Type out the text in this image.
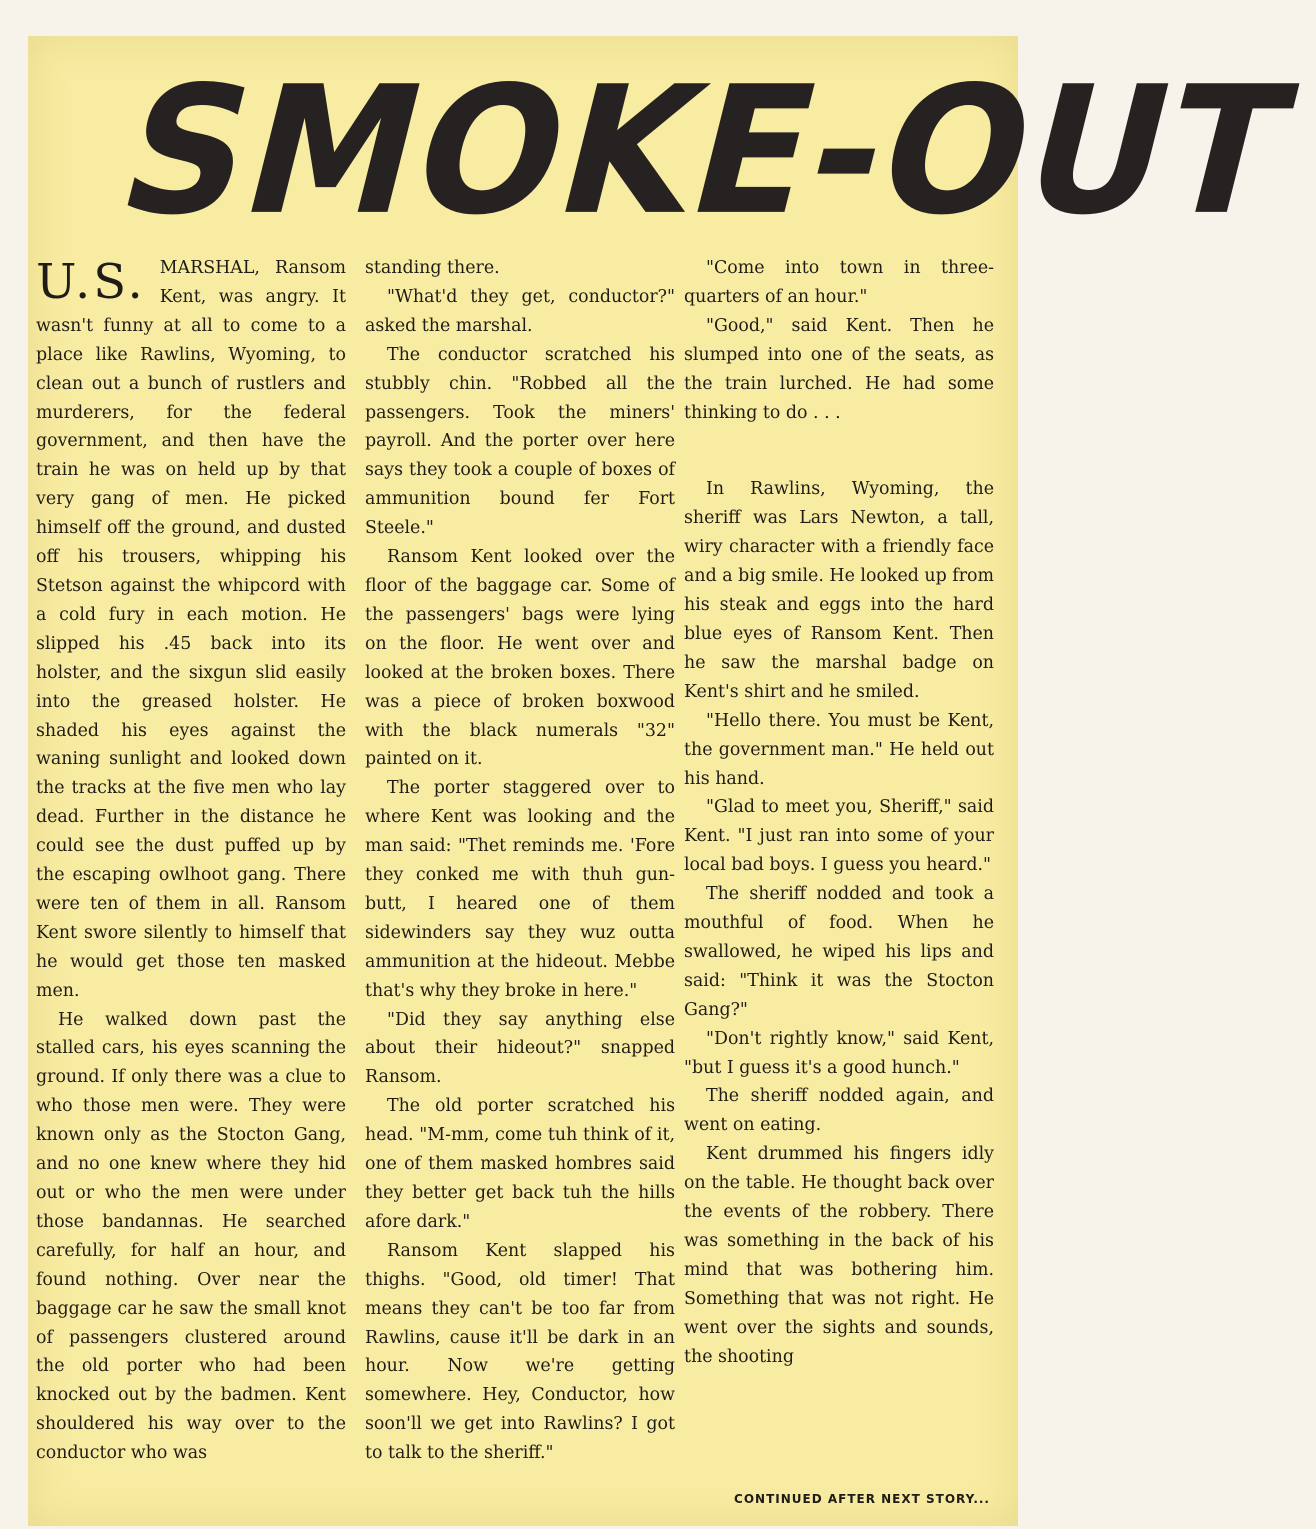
SMOKE-OUT

U.S. MARSHAL, Ransom Kent, was angry. It wasn't funny at all to come to a place like Rawlins, Wyoming, to clean out a bunch of rustlers and murderers, for the federal government, and then have the train he was on held up by that very gang of men. He picked himself off the ground, and dusted off his trousers, whipping his Stetson against the whipcord with a cold fury in each motion. He slipped his .45 back into its holster, and the sixgun slid easily into the greased holster. He shaded his eyes against the waning sunlight and looked down the tracks at the five men who lay dead. Further in the distance he could see the dust puffed up by the escaping owlhoot gang. There were ten of them in all. Ransom Kent swore silently to himself that he would get those ten masked men.

He walked down past the stalled cars, his eyes scanning the ground. If only there was a clue to who those men were. They were known only as the Stocton Gang, and no one knew where they hid out or who the men were under those bandannas. He searched carefully, for half an hour, and found nothing. Over near the baggage car he saw the small knot of passengers clustered around the old porter who had been knocked out by the badmen. Kent shouldered his way over to the conductor who was

standing there.

"What'd they get, conductor?" asked the marshal.

The conductor scratched his stubbly chin. "Robbed all the passengers. Took the miners' payroll. And the porter over here says they took a couple of boxes of ammunition bound fer Fort Steele."

Ransom Kent looked over the floor of the baggage car. Some of the passengers' bags were lying on the floor. He went over and looked at the broken boxes. There was a piece of broken boxwood with the black numerals "32" painted on it.

The porter staggered over to where Kent was looking and the man said: "Thet reminds me. 'Fore they conked me with thuh gun-butt, I heared one of them sidewinders say they wuz outta ammunition at the hideout. Mebbe that's why they broke in here."

"Did they say anything else about their hideout?" snapped Ransom.

The old porter scratched his head. "M-mm, come tuh think of it, one of them masked hombres said they better get back tuh the hills afore dark."

Ransom Kent slapped his thighs. "Good, old timer! That means they can't be too far from Rawlins, cause it'll be dark in an hour. Now we're getting somewhere. Hey, Conductor, how soon'll we get into Rawlins? I got to talk to the sheriff."

"Come into town in three-quarters of an hour."

"Good," said Kent. Then he slumped into one of the seats, as the train lurched. He had some thinking to do . . .

In Rawlins, Wyoming, the sheriff was Lars Newton, a tall, wiry character with a friendly face and a big smile. He looked up from his steak and eggs into the hard blue eyes of Ransom Kent. Then he saw the marshal badge on Kent's shirt and he smiled.

"Hello there. You must be Kent, the government man." He held out his hand.

"Glad to meet you, Sheriff," said Kent. "I just ran into some of your local bad boys. I guess you heard."

The sheriff nodded and took a mouthful of food. When he swallowed, he wiped his lips and said: "Think it was the Stocton Gang?"

"Don't rightly know," said Kent, "but I guess it's a good hunch."

The sheriff nodded again, and went on eating.

Kent drummed his fingers idly on the table. He thought back over the events of the robbery. There was something in the back of his mind that was bothering him. Something that was not right. He went over the sights and sounds, the shooting

CONTINUED AFTER NEXT STORY...
